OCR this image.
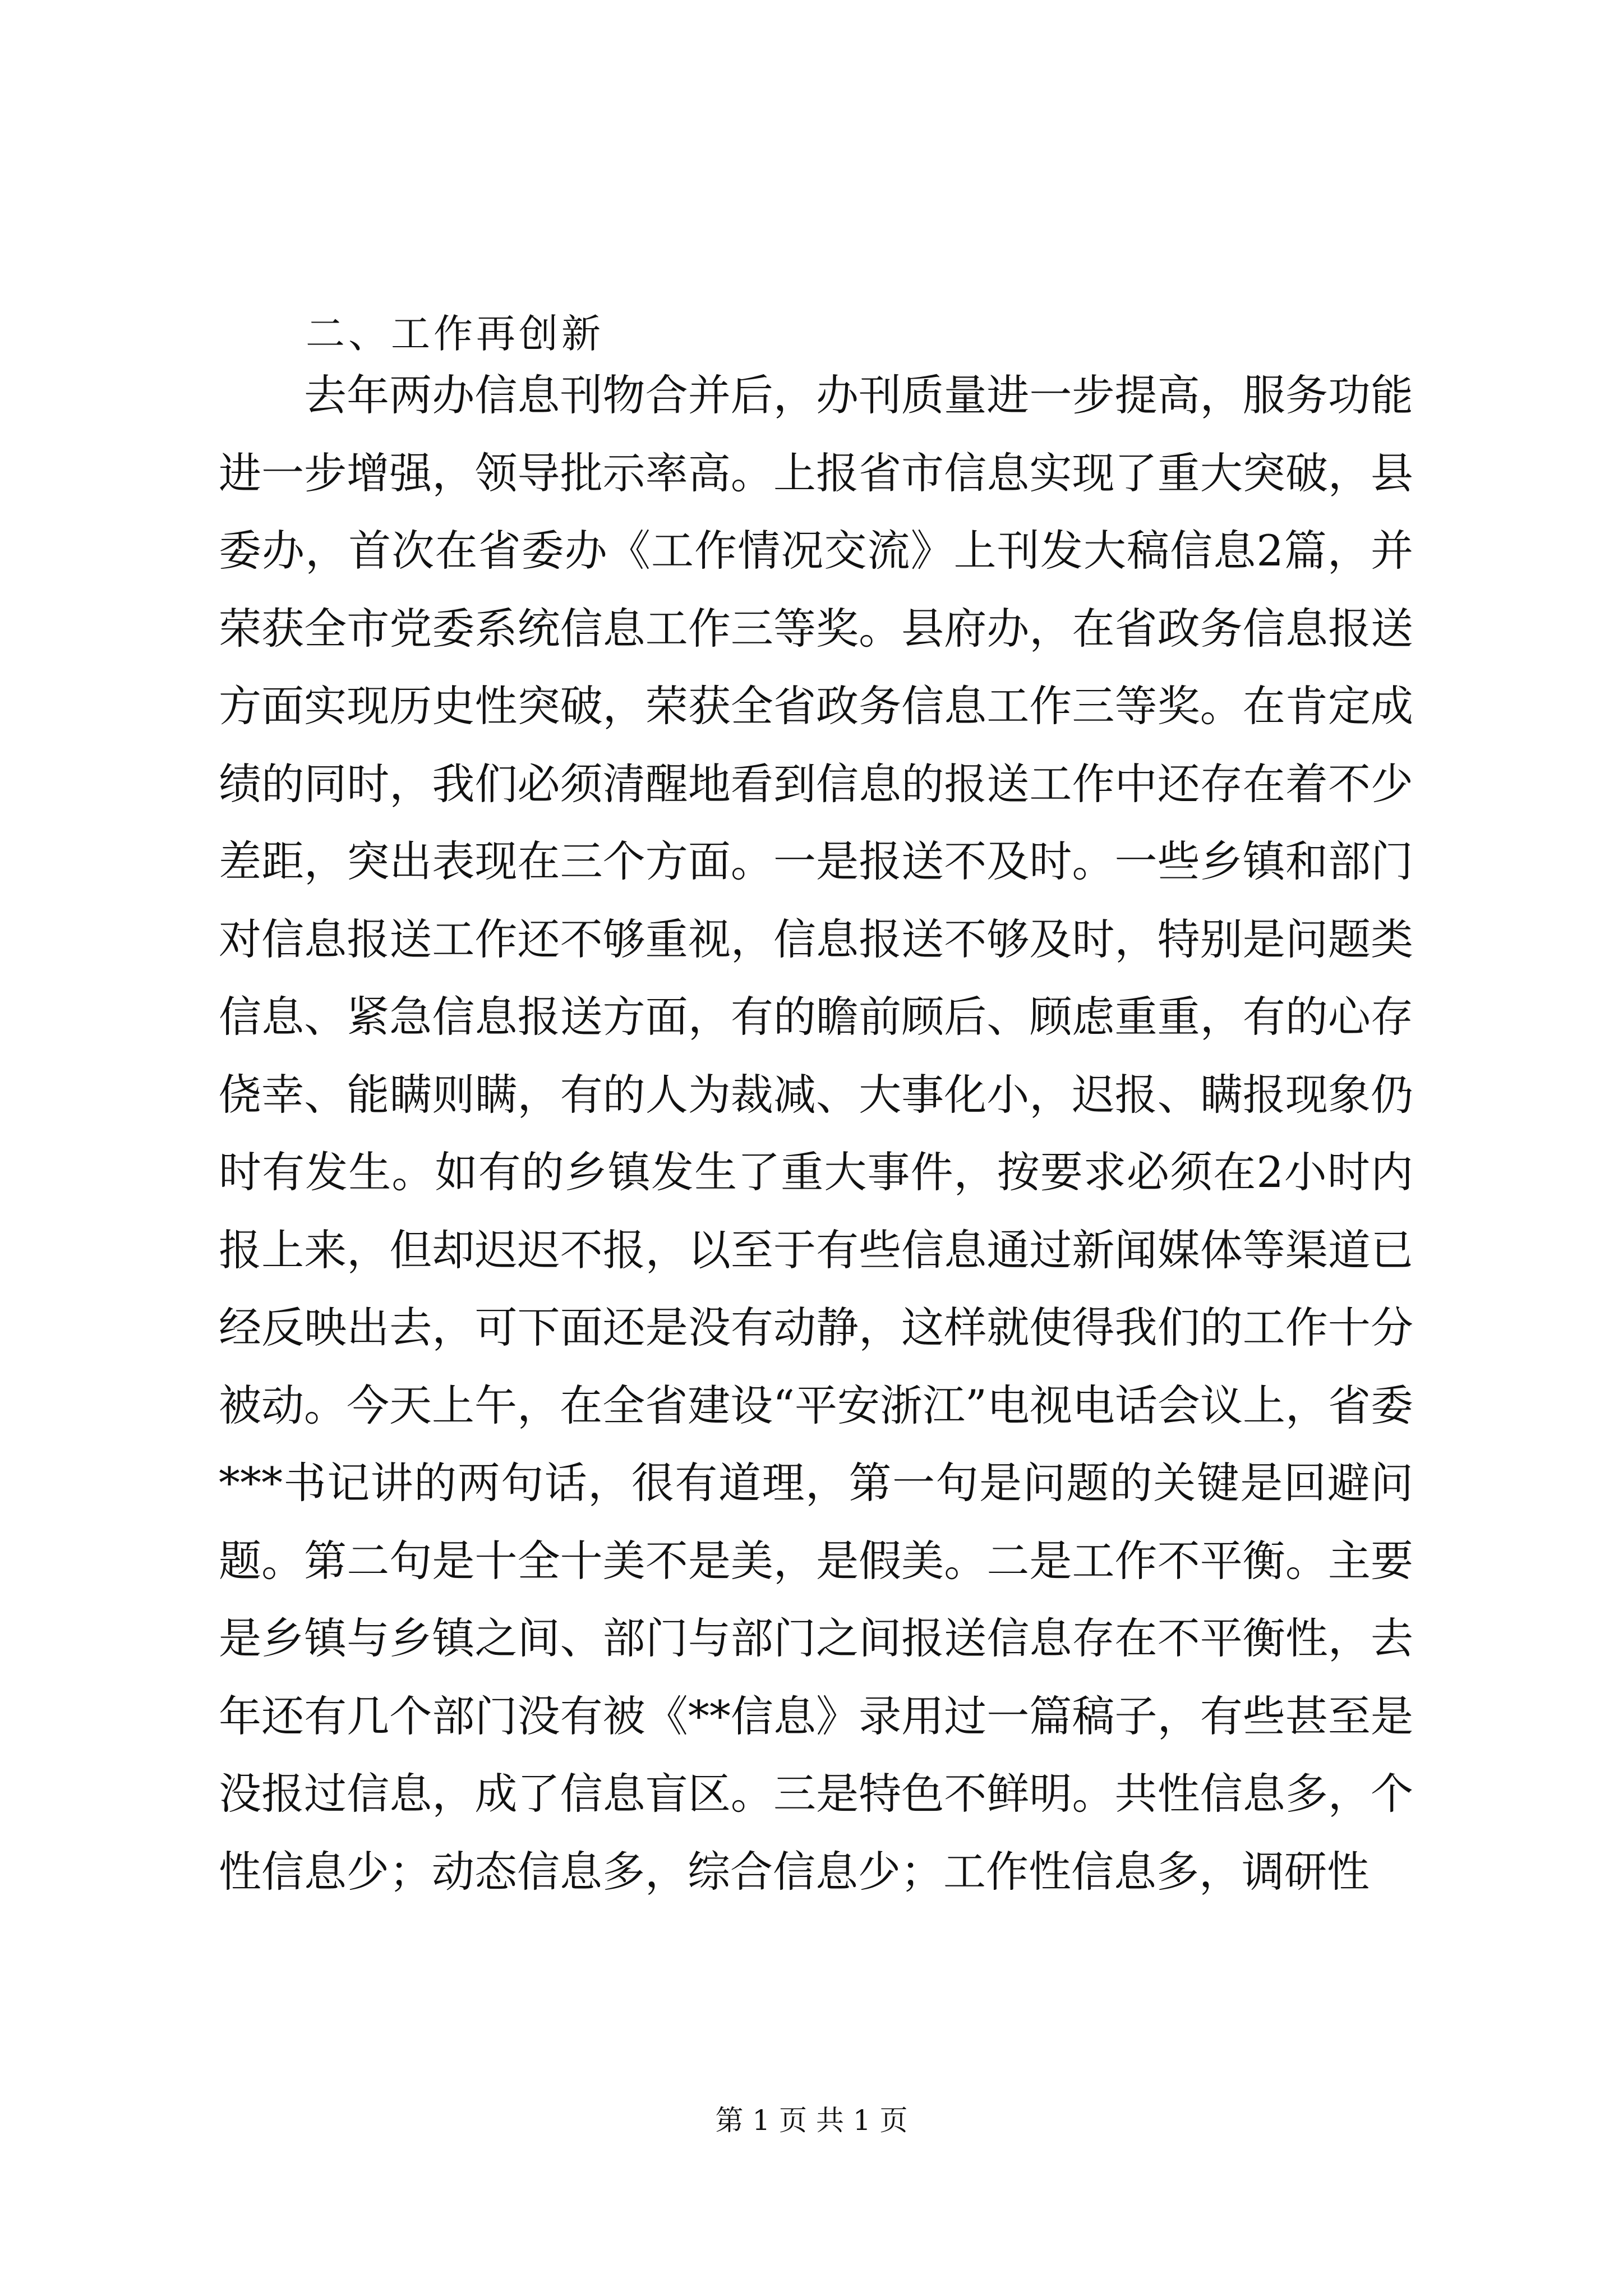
二、工作再创新

去年两办信息刊物合并后，办刊质量进一步提高，服务功能进一步增强，领导批示率高。上报省市信息实现了重大突破，县委办，首次在省委办《工作情况交流》上刊发大稿信息2篇，并荣获全市党委系统信息工作三等奖。县府办，在省政务信息报送方面实现历史性突破，荣获全省政务信息工作三等奖。在肯定成绩的同时，我们必须清醒地看到信息的报送工作中还存在着不少差距，突出表现在三个方面。一是报送不及时。一些乡镇和部门对信息报送工作还不够重视，信息报送不够及时，特别是问题类信息、紧急信息报送方面，有的瞻前顾后、顾虑重重，有的心存侥幸、能瞒则瞒，有的人为裁减、大事化小，迟报、瞒报现象仍时有发生。如有的乡镇发生了重大事件，按要求必须在2小时内报上来，但却迟迟不报，以至于有些信息通过新闻媒体等渠道已经反映出去，可下面还是没有动静，这样就使得我们的工作十分被动。今天上午，在全省建设“平安浙江”电视电话会议上，省委***书记讲的两句话，很有道理，第一句是问题的关键是回避问题。第二句是十全十美不是美，是假美。二是工作不平衡。主要是乡镇与乡镇之间、部门与部门之间报送信息存在不平衡性，去年还有几个部门没有被《**信息》录用过一篇稿子，有些甚至是没报过信息，成了信息盲区。三是特色不鲜明。共性信息多，个性信息少；动态信息多，综合信息少；工作性信息多，调研性

第 1 页 共 1 页
